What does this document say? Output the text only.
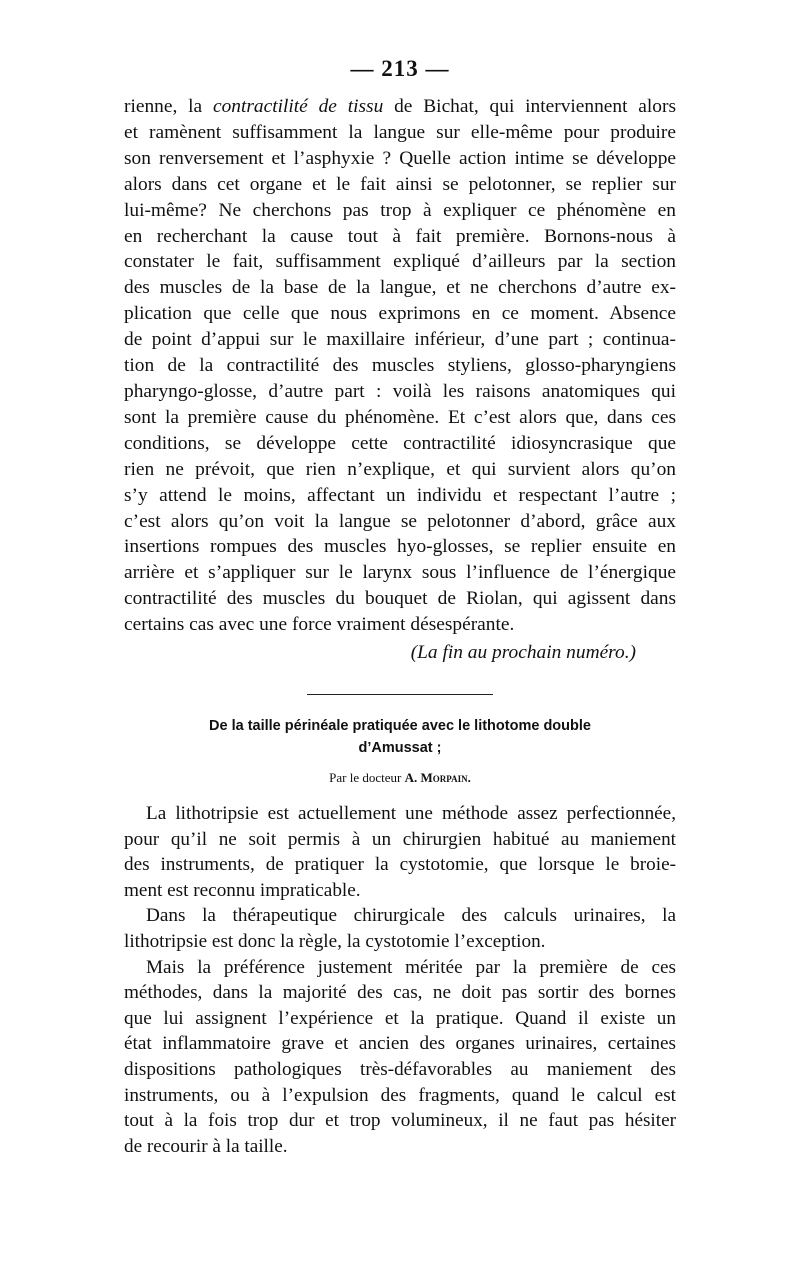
— 213 —
rienne, la contractilité de tissu de Bichat, qui interviennent alors
et ramènent suffisamment la langue sur elle-même pour produire
son renversement et l’asphyxie ? Quelle action intime se développe
alors dans cet organe et le fait ainsi se pelotonner, se replier sur
lui-même? Ne cherchons pas trop à expliquer ce phénomène en
en recherchant la cause tout à fait première. Bornons-nous à
constater le fait, suffisamment expliqué d’ailleurs par la section
des muscles de la base de la langue, et ne cherchons d’autre ex-
plication que celle que nous exprimons en ce moment. Absence
de point d’appui sur le maxillaire inférieur, d’une part ; continua-
tion de la contractilité des muscles styliens, glosso-pharyngiens
pharyngo-glosse, d’autre part : voilà les raisons anatomiques qui
sont la première cause du phénomène. Et c’est alors que, dans ces
conditions, se développe cette contractilité idiosyncrasique que
rien ne prévoit, que rien n’explique, et qui survient alors qu’on
s’y attend le moins, affectant un individu et respectant l’autre ;
c’est alors qu’on voit la langue se pelotonner d’abord, grâce aux
insertions rompues des muscles hyo-glosses, se replier ensuite en
arrière et s’appliquer sur le larynx sous l’influence de l’énergique
contractilité des muscles du bouquet de Riolan, qui agissent dans
certains cas avec une force vraiment désespérante.
(La fin au prochain numéro.)
De la taille périnéale pratiquée avec le lithotome double
d’Amussat ;
Par le docteur A. Morpain.
La lithotripsie est actuellement une méthode assez perfectionnée,
pour qu’il ne soit permis à un chirurgien habitué au maniement
des instruments, de pratiquer la cystotomie, que lorsque le broie-
ment est reconnu impraticable.
Dans la thérapeutique chirurgicale des calculs urinaires, la
lithotripsie est donc la règle, la cystotomie l’exception.
Mais la préférence justement méritée par la première de ces
méthodes, dans la majorité des cas, ne doit pas sortir des bornes
que lui assignent l’expérience et la pratique. Quand il existe un
état inflammatoire grave et ancien des organes urinaires, certaines
dispositions pathologiques très-défavorables au maniement des
instruments, ou à l’expulsion des fragments, quand le calcul est
tout à la fois trop dur et trop volumineux, il ne faut pas hésiter
de recourir à la taille.
